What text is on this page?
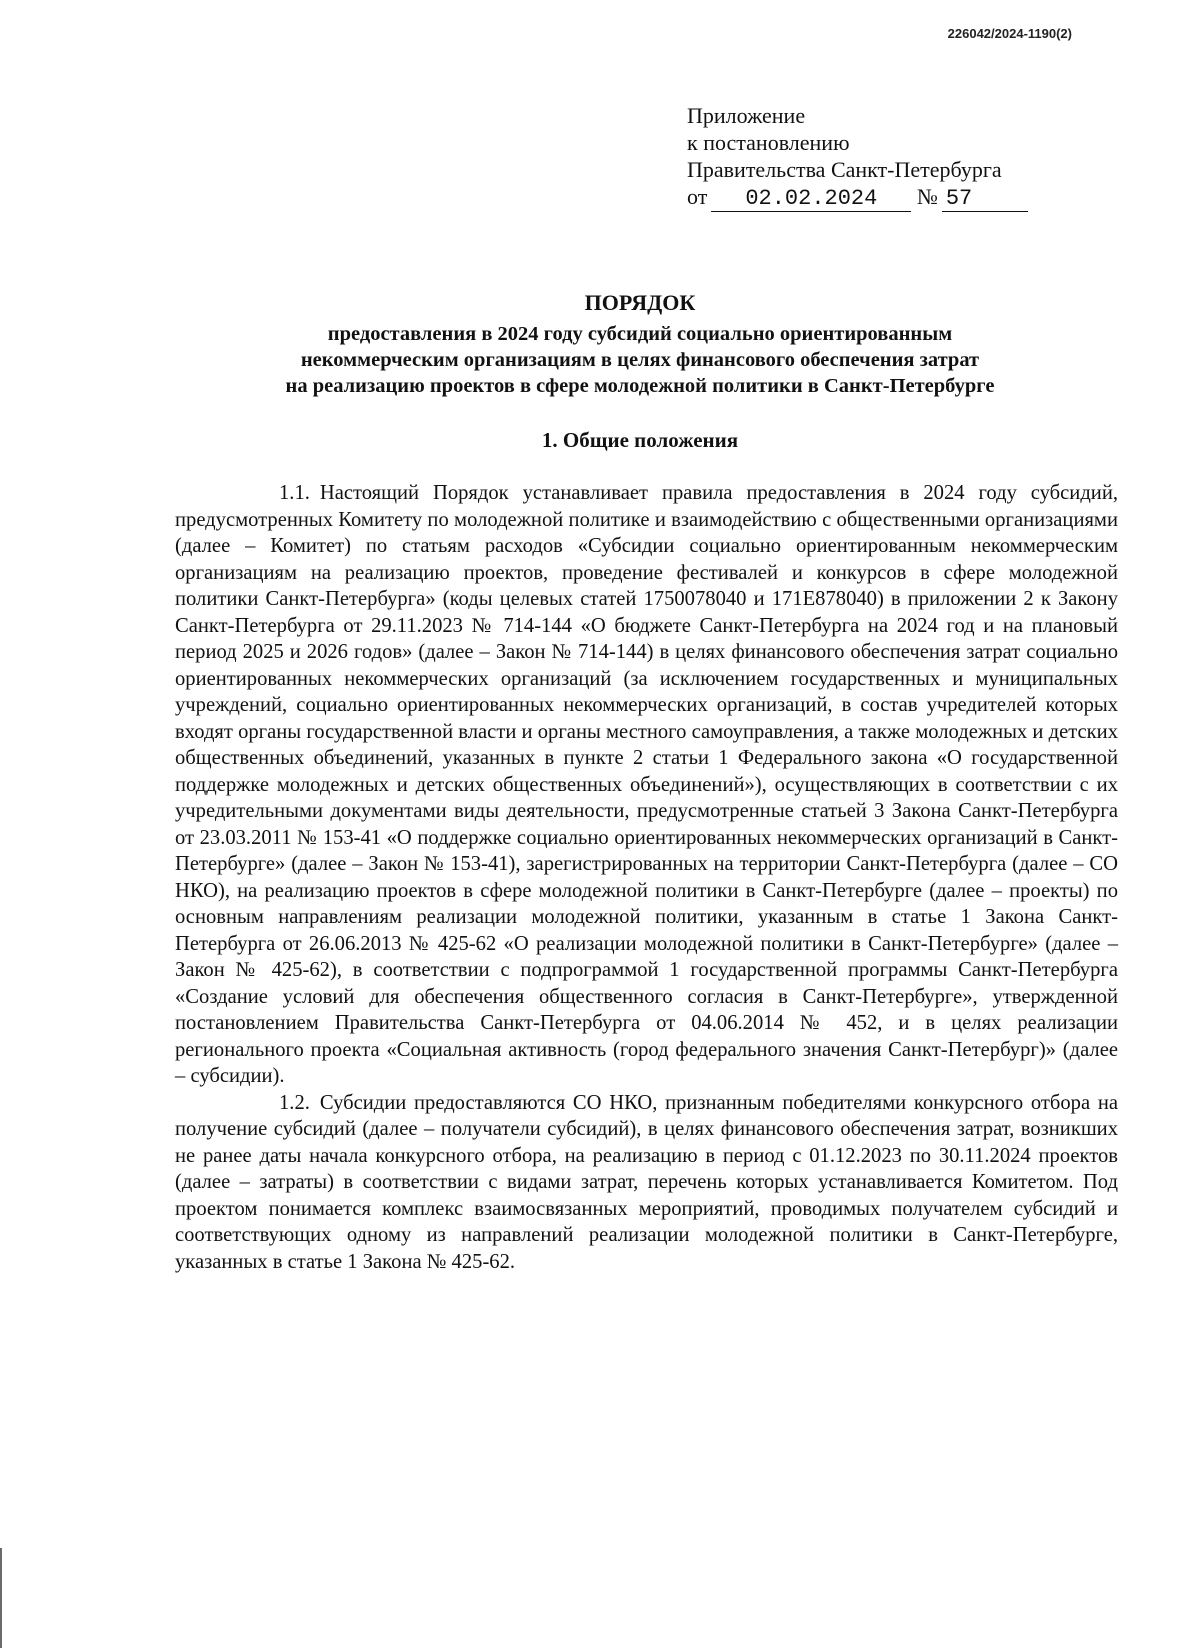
226042/2024-1190(2)
Приложение
к постановлению
Правительства Санкт-Петербурга
от 02.02.2024 № 57
ПОРЯДОК
предоставления в 2024 году субсидий социально ориентированным
некоммерческим организациям в целях финансового обеспечения затрат
на реализацию проектов в сфере молодежной политики в Санкт-Петербурге
1. Общие положения

1.1. Настоящий Порядок устанавливает правила предоставления в 2024 году субсидий, предусмотренных Комитету по молодежной политике и взаимодействию с общественными организациями (далее – Комитет) по статьям расходов «Субсидии социально ориентированным некоммерческим организациям на реализацию проектов, проведение фестивалей и конкурсов в сфере молодежной политики Санкт-Петербурга» (коды целевых статей 1750078040 и 171Е878040) в приложении 2 к Закону Санкт-Петербурга от 29.11.2023 № 714-144 «О бюджете Санкт-Петербурга на 2024 год и на плановый период 2025 и 2026 годов» (далее – Закон № 714-144) в целях финансового обеспечения затрат социально ориентированных некоммерческих организаций (за исключением государственных и муниципальных учреждений, социально ориентированных некоммерческих организаций, в состав учредителей которых входят органы государственной власти и органы местного самоуправления, а также молодежных и детских общественных объединений, указанных в пункте 2 статьи 1 Федерального закона «О государственной поддержке молодежных и детских общественных объединений»), осуществляющих в соответствии с их учредительными документами виды деятельности, предусмотренные статьей 3 Закона Санкт-Петербурга от 23.03.2011 № 153-41 «О поддержке социально ориентированных некоммерческих организаций в Санкт-Петербурге» (далее – Закон № 153-41), зарегистрированных на территории Санкт-Петербурга (далее – СО НКО), на реализацию проектов в сфере молодежной политики в Санкт-Петербурге (далее – проекты) по основным направлениям реализации молодежной политики, указанным в статье 1 Закона Санкт-Петербурга от 26.06.2013 № 425-62 «О реализации молодежной политики в Санкт-Петербурге» (далее – Закон № 425-62), в соответствии с подпрограммой 1 государственной программы Санкт-Петербурга «Создание условий для обеспечения общественного согласия в Санкт-Петербурге», утвержденной постановлением Правительства Санкт-Петербурга от 04.06.2014 № 452, и в целях реализации регионального проекта «Социальная активность (город федерального значения Санкт-Петербург)» (далее – субсидии).

1.2. Субсидии предоставляются СО НКО, признанным победителями конкурсного отбора на получение субсидий (далее – получатели субсидий), в целях финансового обеспечения затрат, возникших не ранее даты начала конкурсного отбора, на реализацию в период с 01.12.2023 по 30.11.2024 проектов (далее – затраты) в соответствии с видами затрат, перечень которых устанавливается Комитетом. Под проектом понимается комплекс взаимосвязанных мероприятий, проводимых получателем субсидий и соответствующих одному из направлений реализации молодежной политики в Санкт-Петербурге, указанных в статье 1 Закона № 425-62.
